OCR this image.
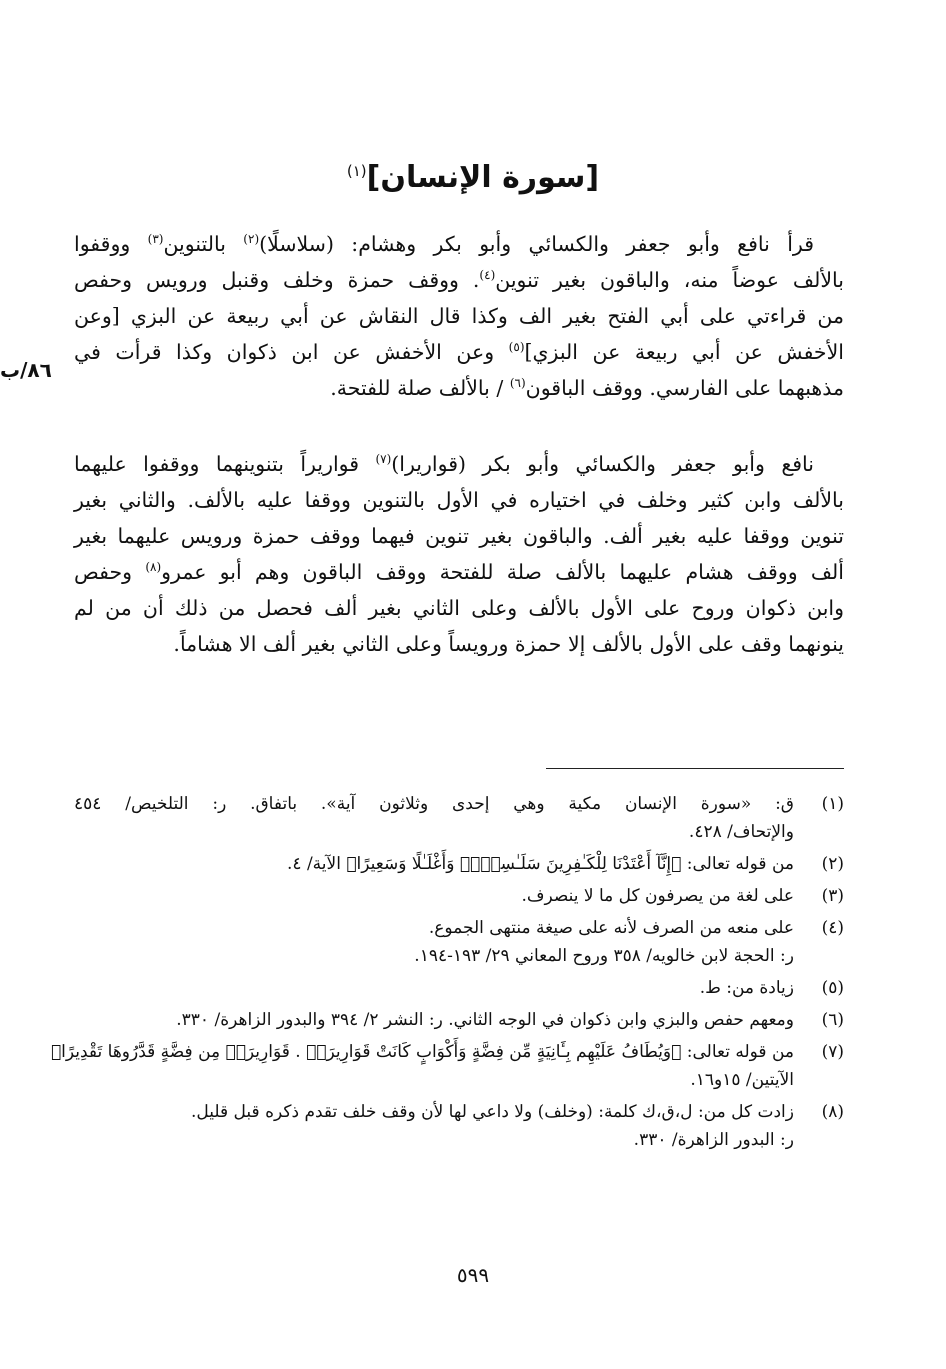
[سورة الإنسان]$^{(١)}$
٨٦/ب
قرأ نافع وأبو جعفر والكسائي وأبو بكر وهشام: (سلاسلًا)$^{(٢)}$ بالتنوين$^{(٣)}$ ووقفوا
بالألف عوضاً منه، والباقون بغير تنوين$^{(٤)}$. ووقف حمزة وخلف وقنبل ورويس وحفص
من قراءتي على أبي الفتح بغير الف وكذا قال النقاش عن أبي ربيعة عن البزي [وعن
الأخفش عن أبي ربيعة عن البزي]$^{(٥)}$ وعن الأخفش عن ابن ذكوان وكذا قرأت في
مذهبهما على الفارسي. ووقف الباقون$^{(٦)}$ / بالألف صلة للفتحة.
نافع وأبو جعفر والكسائي وأبو بكر (قواريرا)$^{(٧)}$ قواريراً بتنوينهما ووقفوا عليهما
بالألف وابن كثير وخلف في اختياره في الأول بالتنوين ووقفا عليه بالألف. والثاني بغير
تنوين ووقفا عليه بغير ألف. والباقون بغير تنوين فيهما ووقف حمزة ورويس عليهما بغير
ألف ووقف هشام عليهما بالألف صلة للفتحة ووقف الباقون وهم أبو عمرو$^{(٨)}$ وحفص
وابن ذكوان وروح على الأول بالألف وعلى الثاني بغير ألف فحصل من ذلك أن من لم
ينونهما وقف على الأول بالألف إلا حمزة ورويساً وعلى الثاني بغير ألف الا هشاماً.
(١)
ق: «سورة الإنسان مكية وهي إحدى وثلاثون آية». باتفاق. ر: التلخيص/ ٤٥٤
والإتحاف/ ٤٢٨.
(٢)
من قوله تعالى: ﴿إِنَّآ أَعْتَدْنَا لِلْكَـٰفِرِينَ سَلَـٰسِلَا۟ وَأَغْلَـٰلًا وَسَعِيرًا﴾ الآية/ ٤.
(٣)
على لغة من يصرفون كل ما لا ينصرف.
(٤)
على منعه من الصرف لأنه على صيغة منتهى الجموع.
ر: الحجة لابن خالويه/ ٣٥٨ وروح المعاني ٢٩/ ١٩٣-١٩٤.
(٥)
زيادة من: ط.
(٦)
ومعهم حفص والبزي وابن ذكوان في الوجه الثاني. ر: النشر ٢/ ٣٩٤ والبدور الزاهرة/ ٣٣٠.
(٧)
من قوله تعالى: ﴿وَيُطَافُ عَلَيْهِم بِـَٔانِيَةٍ مِّن فِضَّةٍ وَأَكْوَابٍ كَانَتْ قَوَارِيرَا۠ . قَوَارِيرَا۟ مِن فِضَّةٍ قَدَّرُوهَا تَقْدِيرًا﴾
الآيتين/ ١٥و١٦.
(٨)
زادت كل من: ل،ق،ك كلمة: (وخلف) ولا داعي لها لأن وقف خلف تقدم ذكره قبل قليل.
ر: البدور الزاهرة/ ٣٣٠.
٥٩٩
